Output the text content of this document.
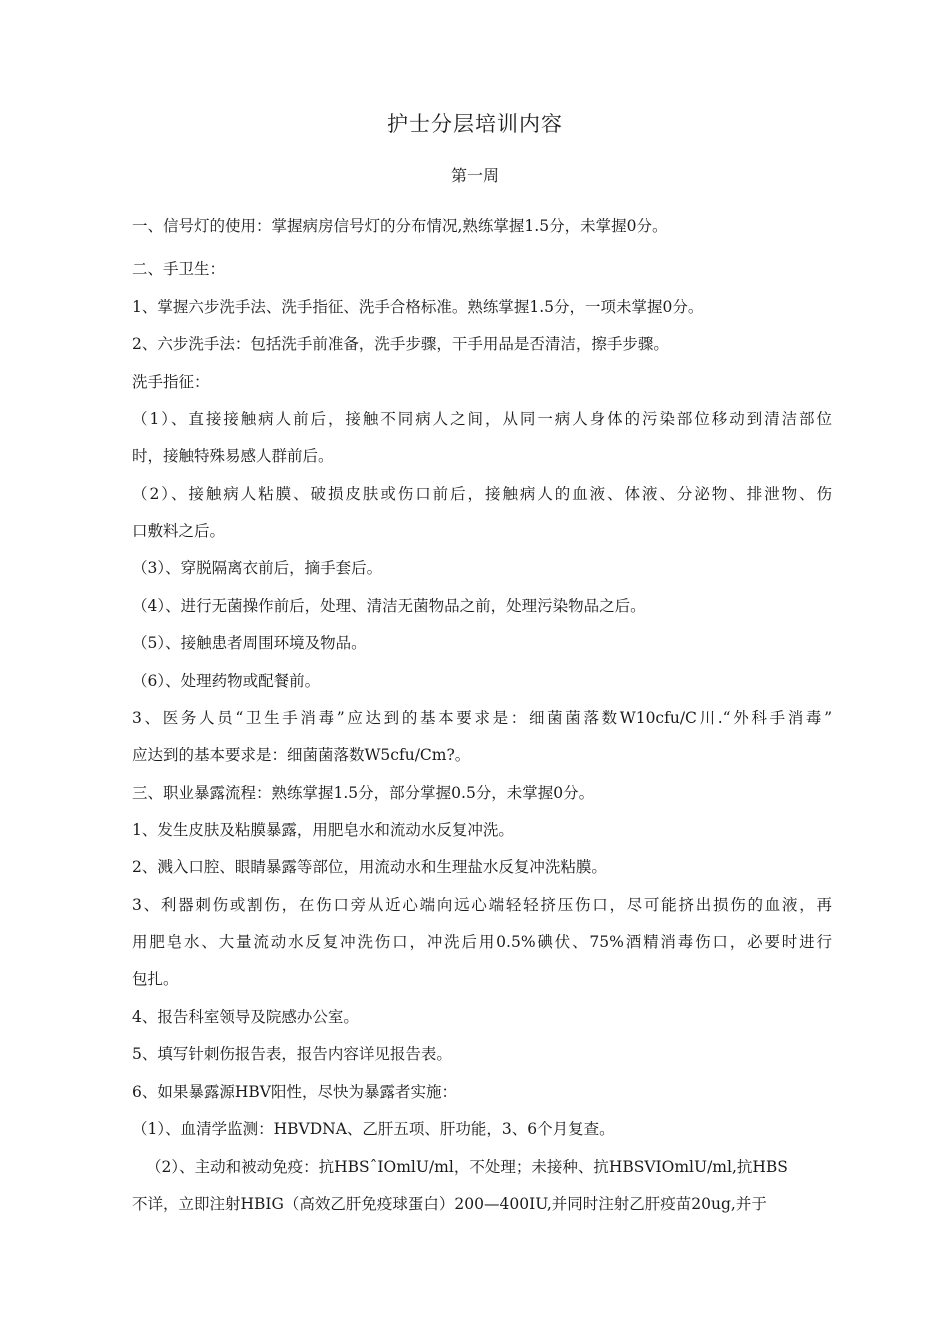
护士分层培训内容
第一周
一、信号灯的使用：掌握病房信号灯的分布情况,熟练掌握1.5分，未掌握0分。
二、手卫生：
1、掌握六步洗手法、洗手指征、洗手合格标准。熟练掌握1.5分，一项未掌握0分。
2、六步洗手法：包括洗手前准备，洗手步骤，干手用品是否清洁，擦手步骤。
洗手指征：
（1）、直接接触病人前后，接触不同病人之间，从同一病人身体的污染部位移动到清洁部位
时，接触特殊易感人群前后。
（2）、接触病人粘膜、破损皮肤或伤口前后，接触病人的血液、体液、分泌物、排泄物、伤
口敷料之后。
（3）、穿脱隔离衣前后，摘手套后。
（4）、进行无菌操作前后，处理、清洁无菌物品之前，处理污染物品之后。
（5）、接触患者周围环境及物品。
（6）、处理药物或配餐前。
3、医务人员“卫生手消毒”应达到的基本要求是：细菌菌落数W10cfu/C川.“外科手消毒”
应达到的基本要求是：细菌菌落数W5cfu/Cm?。
三、职业暴露流程：熟练掌握1.5分，部分掌握0.5分，未掌握0分。
1、发生皮肤及粘膜暴露，用肥皂水和流动水反复冲洗。
2、溅入口腔、眼睛暴露等部位，用流动水和生理盐水反复冲洗粘膜。
3、利器刺伤或割伤，在伤口旁从近心端向远心端轻轻挤压伤口，尽可能挤出损伤的血液，再
用肥皂水、大量流动水反复冲洗伤口，冲洗后用0.5%碘伏、75%酒精消毒伤口，必要时进行
包扎。
4、报告科室领导及院感办公室。
5、填写针刺伤报告表，报告内容详见报告表。
6、如果暴露源HBV阳性，尽快为暴露者实施：
（1）、血清学监测：HBVDNA、乙肝五项、肝功能，3、6个月复查。
（2）、主动和被动免疫：抗HBSˆIOmlU/ml，不处理；未接种、抗HBSVIOmlU/ml,抗HBS
不详，立即注射HBIG（高效乙肝免疫球蛋白）200—400IU,并同时注射乙肝疫苗20ug,并于
